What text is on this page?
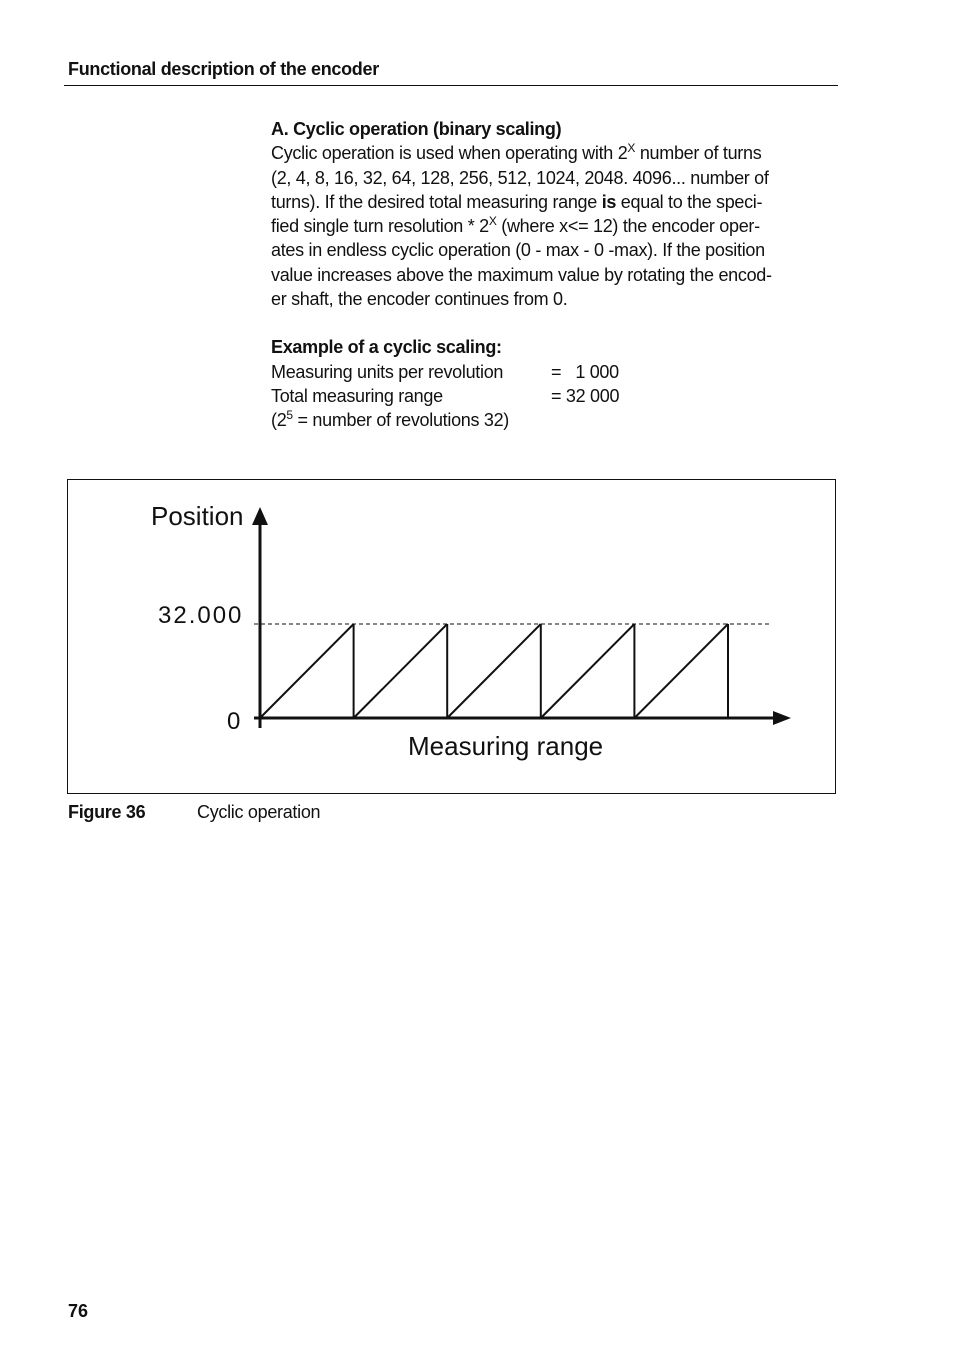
Functional description of the encoder
A. Cyclic operation (binary scaling)

Cyclic operation is used when operating with $2^X$ number of turns

(2, 4, 8, 16, 32, 64, 128, 256, 512, 1024, 2048. 4096... number of

turns). If the desired total measuring range is equal to the speci-

fied single turn resolution * $2^X$ (where x<= 12) the encoder oper-

ates in endless cyclic operation (0 - max - 0 -max). If the position

value increases above the maximum value by rotating the encod-

er shaft, the encoder continues from 0.

Example of a cyclic scaling:
Measuring units per revolution	=   1 000
Total measuring range	= 32 000
($2^5$ = number of revolutions 32)
Position
32.000
0
Measuring range
Figure 36	Cyclic operation
76
